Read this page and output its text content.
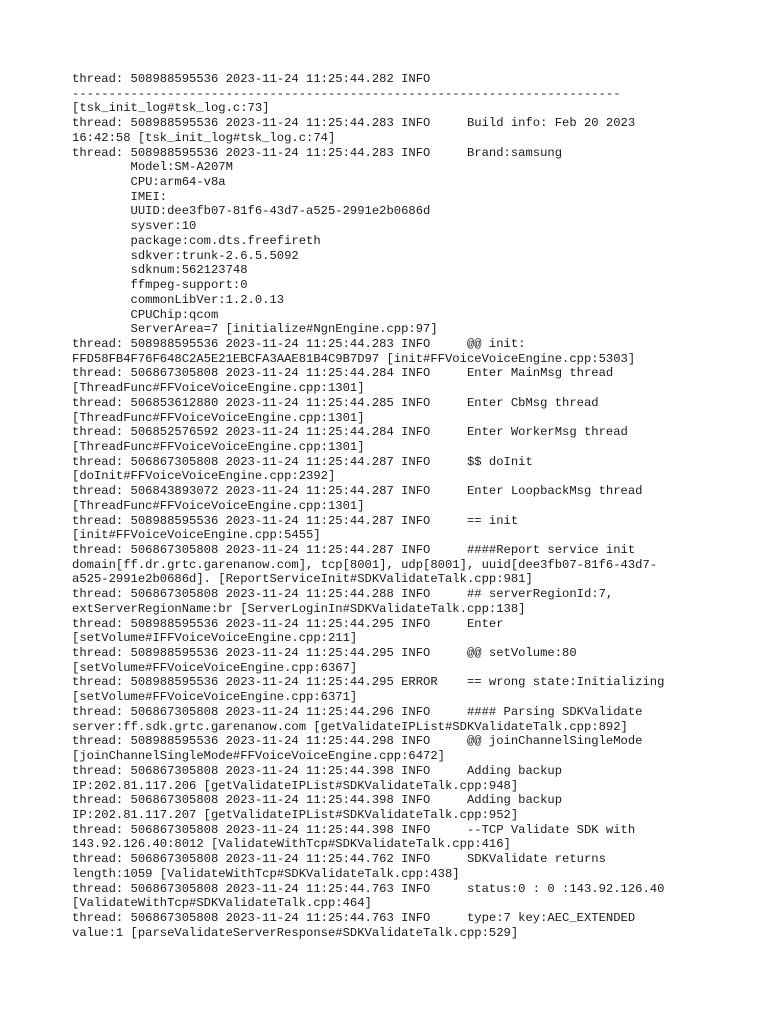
thread: 508988595536 2023-11-24 11:25:44.282 INFO
---------------------------------------------------------------------------
[tsk_init_log#tsk_log.c:73]
thread: 508988595536 2023-11-24 11:25:44.283 INFO     Build info: Feb 20 2023
16:42:58 [tsk_init_log#tsk_log.c:74]
thread: 508988595536 2023-11-24 11:25:44.283 INFO     Brand:samsung
Model:SM-A207M
CPU:arm64-v8a
IMEI:
UUID:dee3fb07-81f6-43d7-a525-2991e2b0686d
sysver:10
package:com.dts.freefireth
sdkver:trunk-2.6.5.5092
sdknum:562123748
ffmpeg-support:0
commonLibVer:1.2.0.13
CPUChip:qcom
ServerArea=7 [initialize#NgnEngine.cpp:97]
thread: 508988595536 2023-11-24 11:25:44.283 INFO     @@ init:
FFD58FB4F76F648C2A5E21EBCFA3AAE81B4C9B7D97 [init#FFVoiceVoiceEngine.cpp:5303]
thread: 506867305808 2023-11-24 11:25:44.284 INFO     Enter MainMsg thread
[ThreadFunc#FFVoiceVoiceEngine.cpp:1301]
thread: 506853612880 2023-11-24 11:25:44.285 INFO     Enter CbMsg thread
[ThreadFunc#FFVoiceVoiceEngine.cpp:1301]
thread: 506852576592 2023-11-24 11:25:44.284 INFO     Enter WorkerMsg thread
[ThreadFunc#FFVoiceVoiceEngine.cpp:1301]
thread: 506867305808 2023-11-24 11:25:44.287 INFO     $$ doInit
[doInit#FFVoiceVoiceEngine.cpp:2392]
thread: 506843893072 2023-11-24 11:25:44.287 INFO     Enter LoopbackMsg thread
[ThreadFunc#FFVoiceVoiceEngine.cpp:1301]
thread: 508988595536 2023-11-24 11:25:44.287 INFO     == init
[init#FFVoiceVoiceEngine.cpp:5455]
thread: 506867305808 2023-11-24 11:25:44.287 INFO     ####Report service init
domain[ff.dr.grtc.garenanow.com], tcp[8001], udp[8001], uuid[dee3fb07-81f6-43d7-
a525-2991e2b0686d]. [ReportServiceInit#SDKValidateTalk.cpp:981]
thread: 506867305808 2023-11-24 11:25:44.288 INFO     ## serverRegionId:7,
extServerRegionName:br [ServerLoginIn#SDKValidateTalk.cpp:138]
thread: 508988595536 2023-11-24 11:25:44.295 INFO     Enter
[setVolume#IFFVoiceVoiceEngine.cpp:211]
thread: 508988595536 2023-11-24 11:25:44.295 INFO     @@ setVolume:80
[setVolume#FFVoiceVoiceEngine.cpp:6367]
thread: 508988595536 2023-11-24 11:25:44.295 ERROR    == wrong state:Initializing
[setVolume#FFVoiceVoiceEngine.cpp:6371]
thread: 506867305808 2023-11-24 11:25:44.296 INFO     #### Parsing SDKValidate
server:ff.sdk.grtc.garenanow.com [getValidateIPList#SDKValidateTalk.cpp:892]
thread: 508988595536 2023-11-24 11:25:44.298 INFO     @@ joinChannelSingleMode
[joinChannelSingleMode#FFVoiceVoiceEngine.cpp:6472]
thread: 506867305808 2023-11-24 11:25:44.398 INFO     Adding backup
IP:202.81.117.206 [getValidateIPList#SDKValidateTalk.cpp:948]
thread: 506867305808 2023-11-24 11:25:44.398 INFO     Adding backup
IP:202.81.117.207 [getValidateIPList#SDKValidateTalk.cpp:952]
thread: 506867305808 2023-11-24 11:25:44.398 INFO     --TCP Validate SDK with
143.92.126.40:8012 [ValidateWithTcp#SDKValidateTalk.cpp:416]
thread: 506867305808 2023-11-24 11:25:44.762 INFO     SDKValidate returns
length:1059 [ValidateWithTcp#SDKValidateTalk.cpp:438]
thread: 506867305808 2023-11-24 11:25:44.763 INFO     status:0 : 0 :143.92.126.40
[ValidateWithTcp#SDKValidateTalk.cpp:464]
thread: 506867305808 2023-11-24 11:25:44.763 INFO     type:7 key:AEC_EXTENDED
value:1 [parseValidateServerResponse#SDKValidateTalk.cpp:529]
